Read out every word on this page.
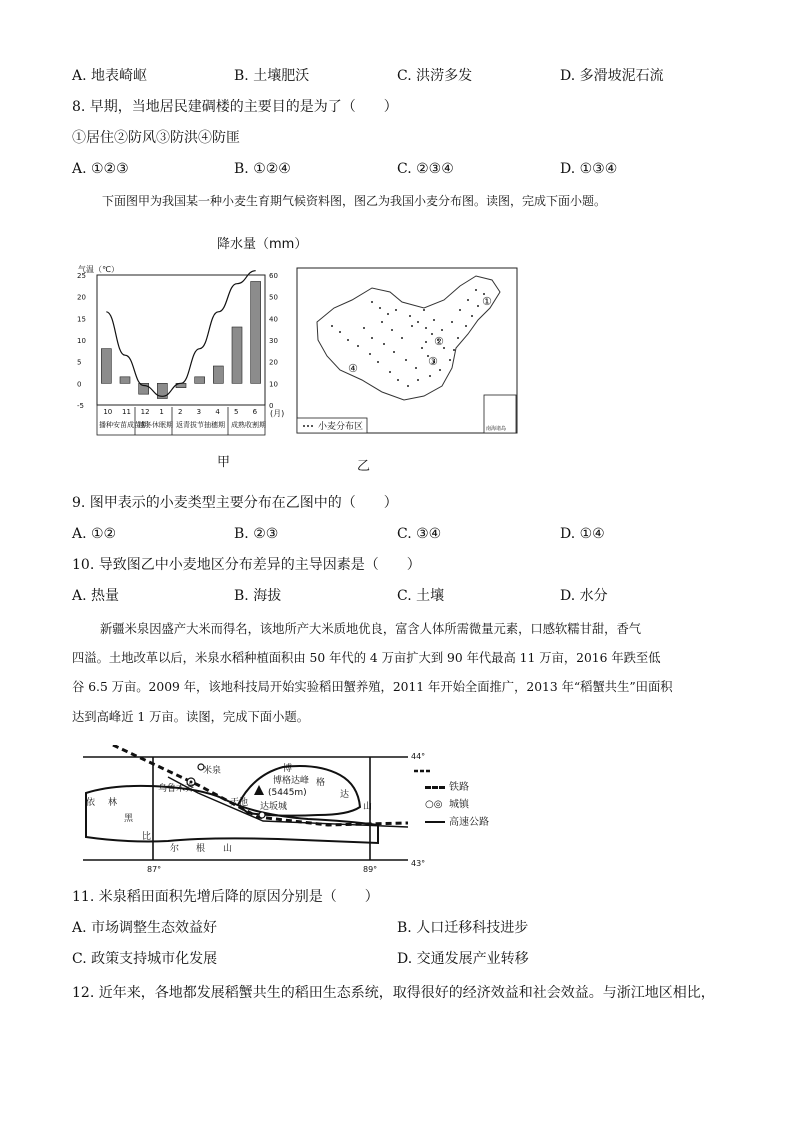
A. 地表崎岖	B. 土壤肥沃	C. 洪涝多发	D. 多滑坡泥石流
8. 早期，当地居民建碉楼的主要目的是为了（　　）
①居住②防风③防洪④防匪
A. ①②③	B. ①②④	C. ②③④	D. ①③④
下面图甲为我国某一种小麦生育期气候资料图，图乙为我国小麦分布图。读图，完成下面小题。
降水量（mm）
气温（℃）
25
20
15
10
5
0
-5
60
50
40
30
20
10
0
10 11 12 1 2 3 4 5 6 (月)
播种安苗成苗期
越冬休眠期 返青拔节抽穗期 成熟收割期
甲
①
②
③
④
南海诸岛
小麦分布区
乙
9. 图甲表示的小麦类型主要分布在乙图中的（　　）
A. ①②	B. ②③	C. ③④	D. ①④
10. 导致图乙中小麦地区分布差异的主导因素是（　　）
A. 热量	B. 海拔	C. 土壤	D. 水分
新疆米泉因盛产大米而得名，该地所产大米质地优良，富含人体所需微量元素，口感软糯甘甜，香气
四溢。土地改革以后，米泉水稻种植面积由 50 年代的 4 万亩扩大到 90 年代最高 11 万亩，2016 年跌至低
谷 6.5 万亩。2009 年，该地科技局开始实验稻田蟹养殖，2011 年开始全面推广，2013 年“稻蟹共生”田面积
达到高峰近 1 万亩。读图，完成下面小题。
44°
43°
87°	89°
米泉
乌鲁木齐
天池 达坂城
博格达峰
(5445m)
博
格
达
山
依 林
黑
比
尔 根 山
铁路
○◎ 城镇
高速公路
11. 米泉稻田面积先增后降的原因分别是（　　）
A. 市场调整生态效益好	B. 人口迁移科技进步
C. 政策支持城市化发展	D. 交通发展产业转移
12. 近年来，各地都发展稻蟹共生的稻田生态系统，取得很好的经济效益和社会效益。与浙江地区相比，
